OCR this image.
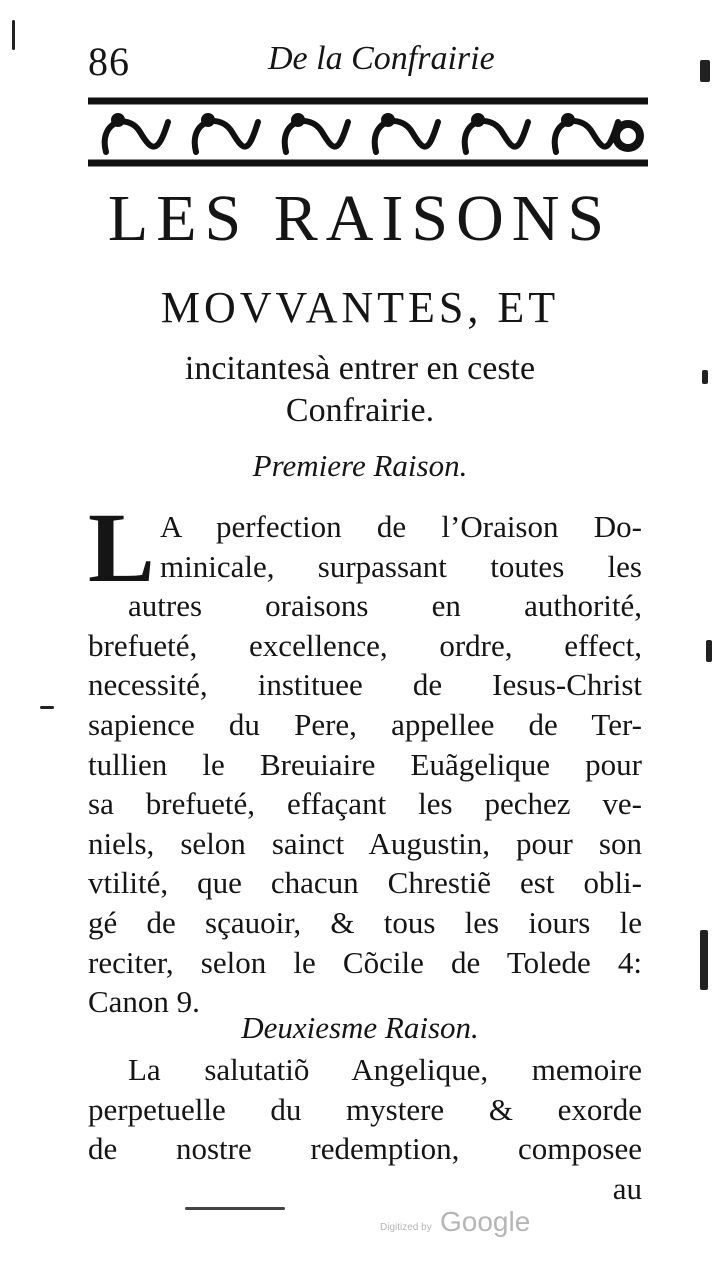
86	De la Confrairie
LES RAISONS
MOVVANTES, ET
incitantesà entrer en ceste
Confrairie.
Premiere Raison.
L A perfection de l’Oraison Do-
minicale, surpassant toutes les
autres oraisons en authorité,
brefueté, excellence, ordre, effect,
necessité, instituee de Iesus-Christ
sapience du Pere, appellee de Ter-
tullien le Breuiaire Euãgelique pour
sa brefueté, effaçant les pechez ve-
niels, selon sainct Augustin, pour son
vtilité, que chacun Chrestiẽ est obli-
gé de sçauoir, & tous les iours le
reciter, selon le Cõcile de Tolede 4:
Canon 9.
Deuxiesme Raison.
La salutatiõ Angelique, memoire
perpetuelle du mystere & exorde
de nostre redemption, composee
au
Digitized by Google
